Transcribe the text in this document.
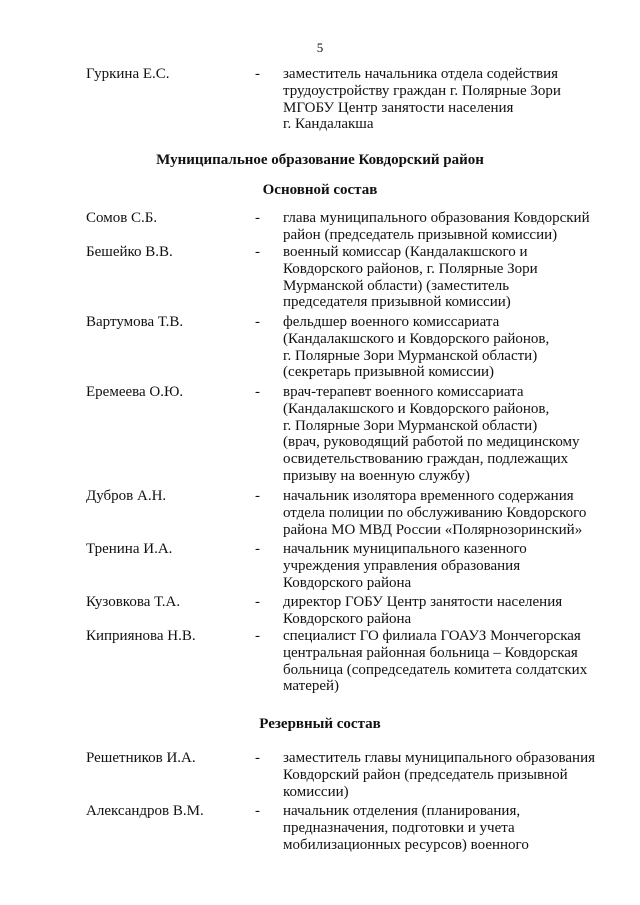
5
Гуркина Е.С.	- заместитель начальника отдела содействия
трудоустройству граждан г. Полярные Зори
МГОБУ Центр занятости населения
г. Кандалакша
Муниципальное образование Ковдорский район
Основной состав
Сомов С.Б.	- глава муниципального образования Ковдорский
район (председатель призывной комиссии)
Бешейко В.В.	- военный комиссар (Кандалакшского и
Ковдорского районов, г. Полярные Зори
Мурманской области) (заместитель
председателя призывной комиссии)
Вартумова Т.В.	- фельдшер военного комиссариата
(Кандалакшского и Ковдорского районов,
г. Полярные Зори Мурманской области)
(секретарь призывной комиссии)
Еремеева О.Ю.	- врач-терапевт военного комиссариата
(Кандалакшского и Ковдорского районов,
г. Полярные Зори Мурманской области)
(врач, руководящий работой по медицинскому
освидетельствованию граждан, подлежащих
призыву на военную службу)
Дубров А.Н.	- начальник изолятора временного содержания
отдела полиции по обслуживанию Ковдорского
района МО МВД России «Полярнозоринский»
Тренина И.А.	- начальник муниципального казенного
учреждения управления образования
Ковдорского района
Кузовкова Т.А.	- директор ГОБУ Центр занятости населения
Ковдорского района
Киприянова Н.В.	- специалист ГО филиала ГОАУЗ Мончегорская
центральная районная больница – Ковдорская
больница (сопредседатель комитета солдатских
матерей)
Резервный состав
Решетников И.А.	- заместитель главы муниципального образования
Ковдорский район (председатель призывной
комиссии)
Александров В.М.	- начальник отделения (планирования,
предназначения, подготовки и учета
мобилизационных ресурсов) военного
